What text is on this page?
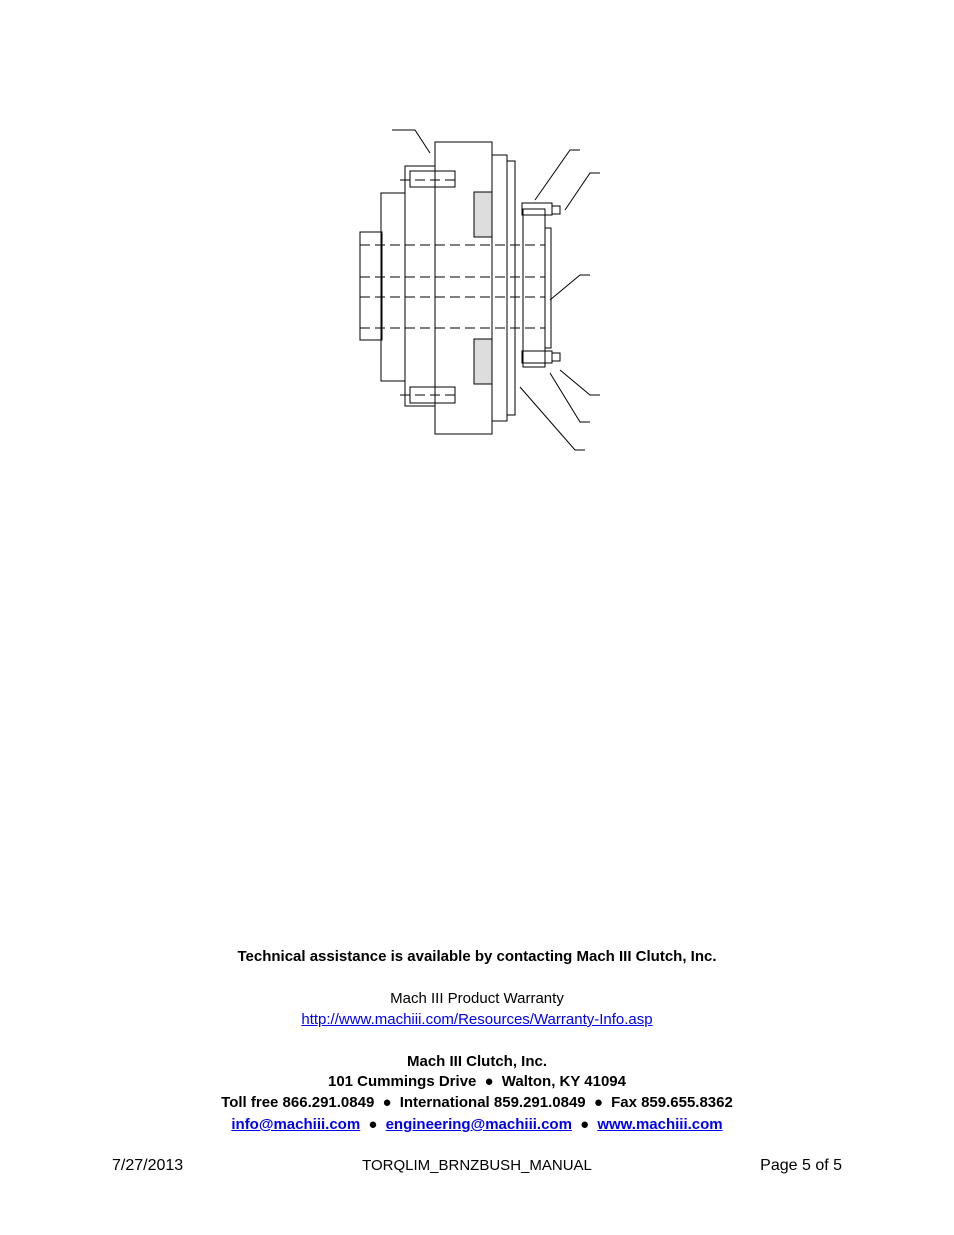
Technical assistance is available by contacting Mach III Clutch, Inc.
Mach III Product Warranty
http://www.machiii.com/Resources/Warranty-Info.asp
Mach III Clutch, Inc.
101 Cummings Drive ● Walton, KY 41094
Toll free 866.291.0849 ● International 859.291.0849 ● Fax 859.655.8362
info@machiii.com ● engineering@machiii.com ● www.machiii.com
7/27/2013	TORQLIM_BRNZBUSH_MANUAL	Page 5 of 5
